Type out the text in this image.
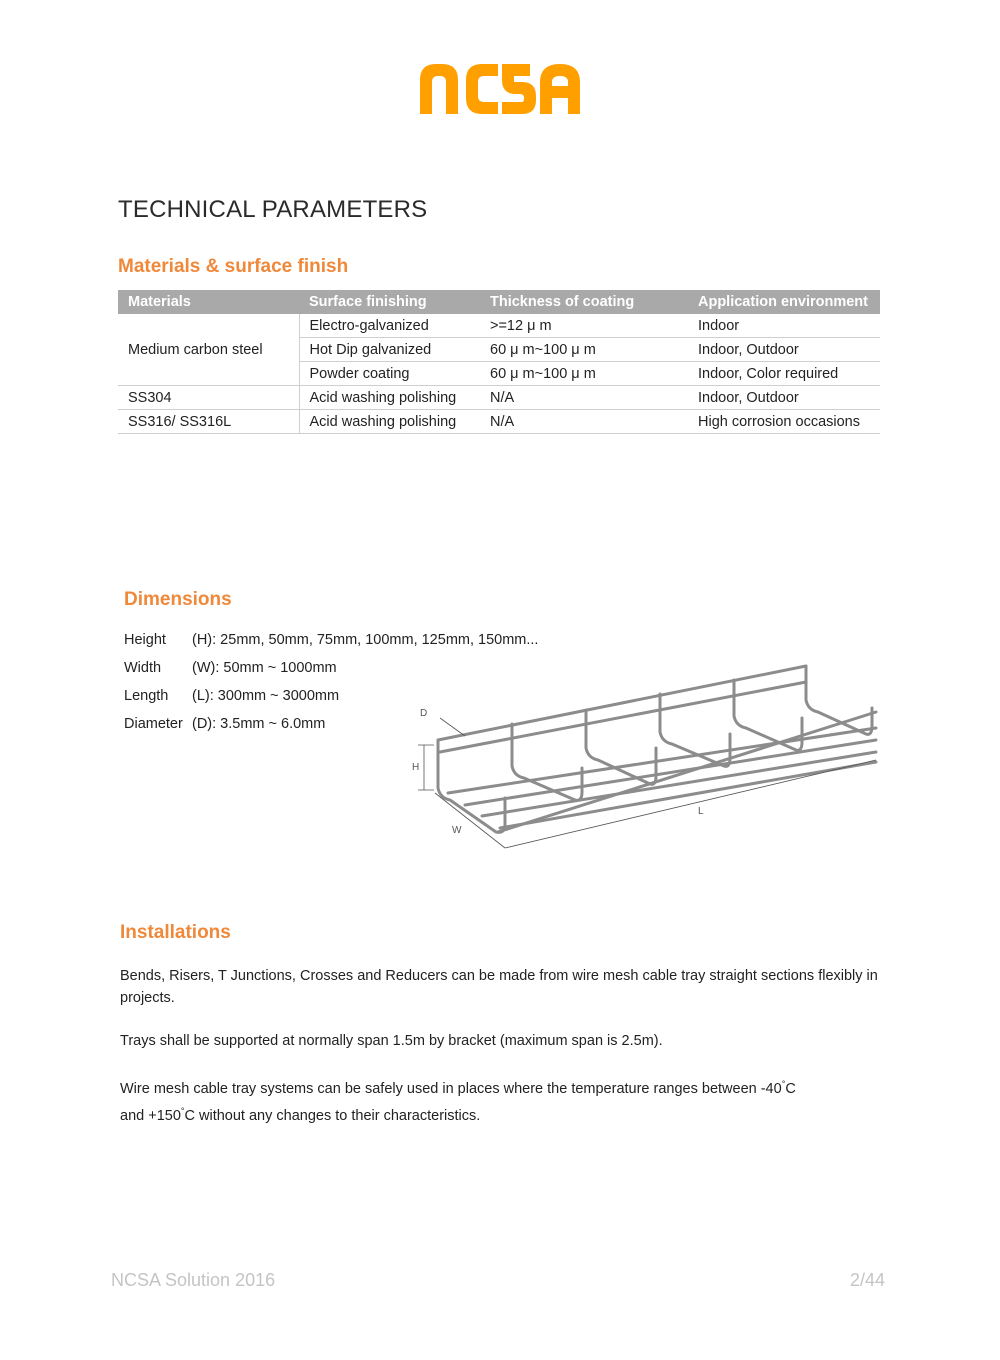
TECHNICAL PARAMETERS
Materials & surface finish
Materials	Surface finishing	Thickness of coating	Application environment
Medium carbon steel	Electro-galvanized	>=12 μ m	Indoor
	Hot Dip galvanized	60 μ m~100 μ m	Indoor, Outdoor
	Powder coating	60 μ m~100 μ m	Indoor, Color required
SS304	Acid washing polishing	N/A	Indoor, Outdoor
SS316/ SS316L	Acid washing polishing	N/A	High corrosion occasions
Dimensions
Height (H): 25mm, 50mm, 75mm, 100mm, 125mm, 150mm...
Width (W): 50mm ~ 1000mm
Length (L): 300mm ~ 3000mm
Diameter (D): 3.5mm ~ 6.0mm
D
H
W
L
Installations

Bends, Risers, T Junctions, Crosses and Reducers can be made from wire mesh cable tray straight sections flexibly in projects.

Trays shall be supported at normally span 1.5m by bracket (maximum span is 2.5m).

Wire mesh cable tray systems can be safely used in places where the temperature ranges between -40°C
and +150°C without any changes to their characteristics.

NCSA Solution 2016	2/44
